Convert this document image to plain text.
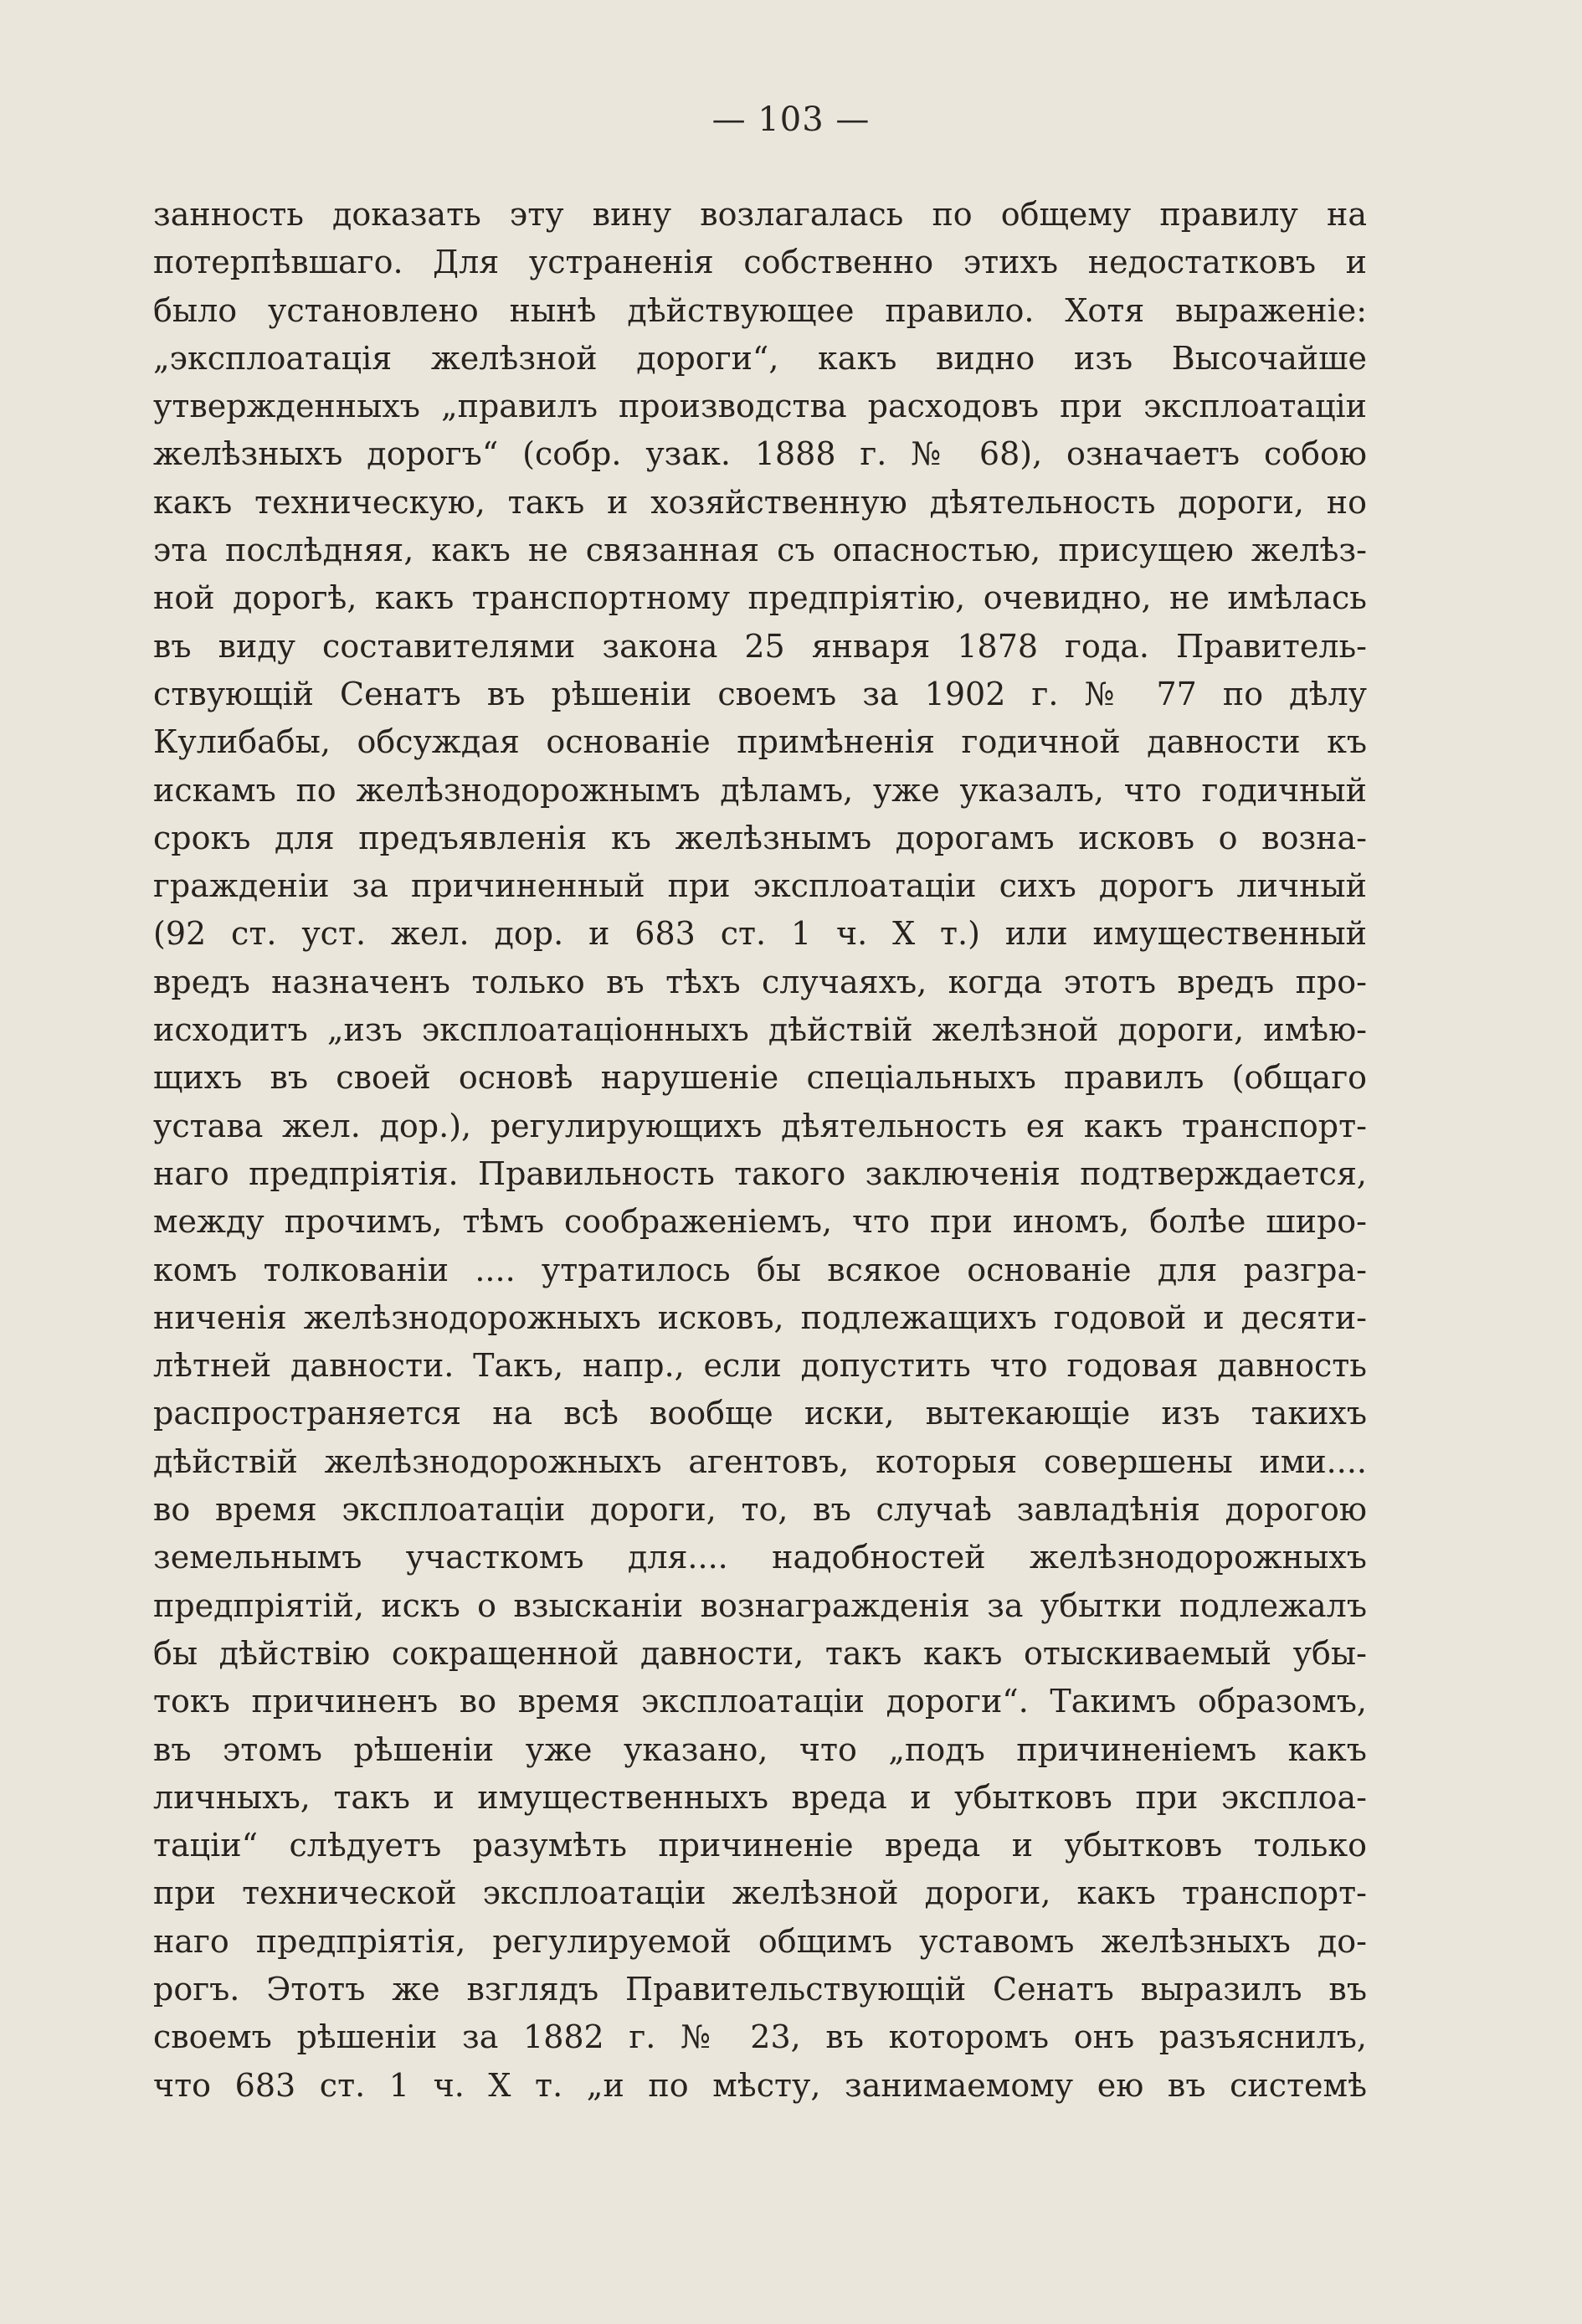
— 103 —
занность доказать эту вину возлагалась по общему правилу на
потерпѣвшаго. Для устраненія собственно этихъ недостатковъ и
было установлено нынѣ дѣйствующее правило. Хотя выраженіе:
„эксплоатація желѣзной дороги“, какъ видно изъ Высочайше
утвержденныхъ „правилъ производства расходовъ при эксплоатаціи
желѣзныхъ дорогъ“ (собр. узак. 1888 г. № 68), означаетъ собою
какъ техническую, такъ и хозяйственную дѣятельность дороги, но
эта послѣдняя, какъ не связанная съ опасностью, присущею желѣз-
ной дорогѣ, какъ транспортному предпріятію, очевидно, не имѣлась
въ виду составителями закона 25 января 1878 года. Правитель-
ствующій Сенатъ въ рѣшеніи своемъ за 1902 г. № 77 по дѣлу
Кулибабы, обсуждая основаніе примѣненія годичной давности къ
искамъ по желѣзнодорожнымъ дѣламъ, уже указалъ, что годичный
срокъ для предъявленія къ желѣзнымъ дорогамъ исковъ о возна-
гражденіи за причиненный при эксплоатаціи сихъ дорогъ личный
(92 ст. уст. жел. дор. и 683 ст. 1 ч. X т.) или имущественный
вредъ назначенъ только въ тѣхъ случаяхъ, когда этотъ вредъ про-
исходитъ „изъ эксплоатаціонныхъ дѣйствій желѣзной дороги, имѣю-
щихъ въ своей основѣ нарушеніе спеціальныхъ правилъ (общаго
устава жел. дор.), регулирующихъ дѣятельность ея какъ транспорт-
наго предпріятія. Правильность такого заключенія подтверждается,
между прочимъ, тѣмъ соображеніемъ, что при иномъ, болѣе широ-
комъ толкованіи .... утратилось бы всякое основаніе для разгра-
ниченія желѣзнодорожныхъ исковъ, подлежащихъ годовой и десяти-
лѣтней давности. Такъ, напр., если допустить что годовая давность
распространяется на всѣ вообще иски, вытекающіе изъ такихъ
дѣйствій желѣзнодорожныхъ агентовъ, которыя совершены ими....
во время эксплоатаціи дороги, то, въ случаѣ завладѣнія дорогою
земельнымъ участкомъ для.... надобностей желѣзнодорожныхъ
предпріятій, искъ о взысканіи вознагражденія за убытки подлежалъ
бы дѣйствію сокращенной давности, такъ какъ отыскиваемый убы-
токъ причиненъ во время эксплоатаціи дороги“. Такимъ образомъ,
въ этомъ рѣшеніи уже указано, что „подъ причиненіемъ какъ
личныхъ, такъ и имущественныхъ вреда и убытковъ при эксплоа-
таціи“ слѣдуетъ разумѣть причиненіе вреда и убытковъ только
при технической эксплоатаціи желѣзной дороги, какъ транспорт-
наго предпріятія, регулируемой общимъ уставомъ желѣзныхъ до-
рогъ. Этотъ же взглядъ Правительствующій Сенатъ выразилъ въ
своемъ рѣшеніи за 1882 г. № 23, въ которомъ онъ разъяснилъ,
что 683 ст. 1 ч. X т. „и по мѣсту, занимаемому ею въ системѣ
